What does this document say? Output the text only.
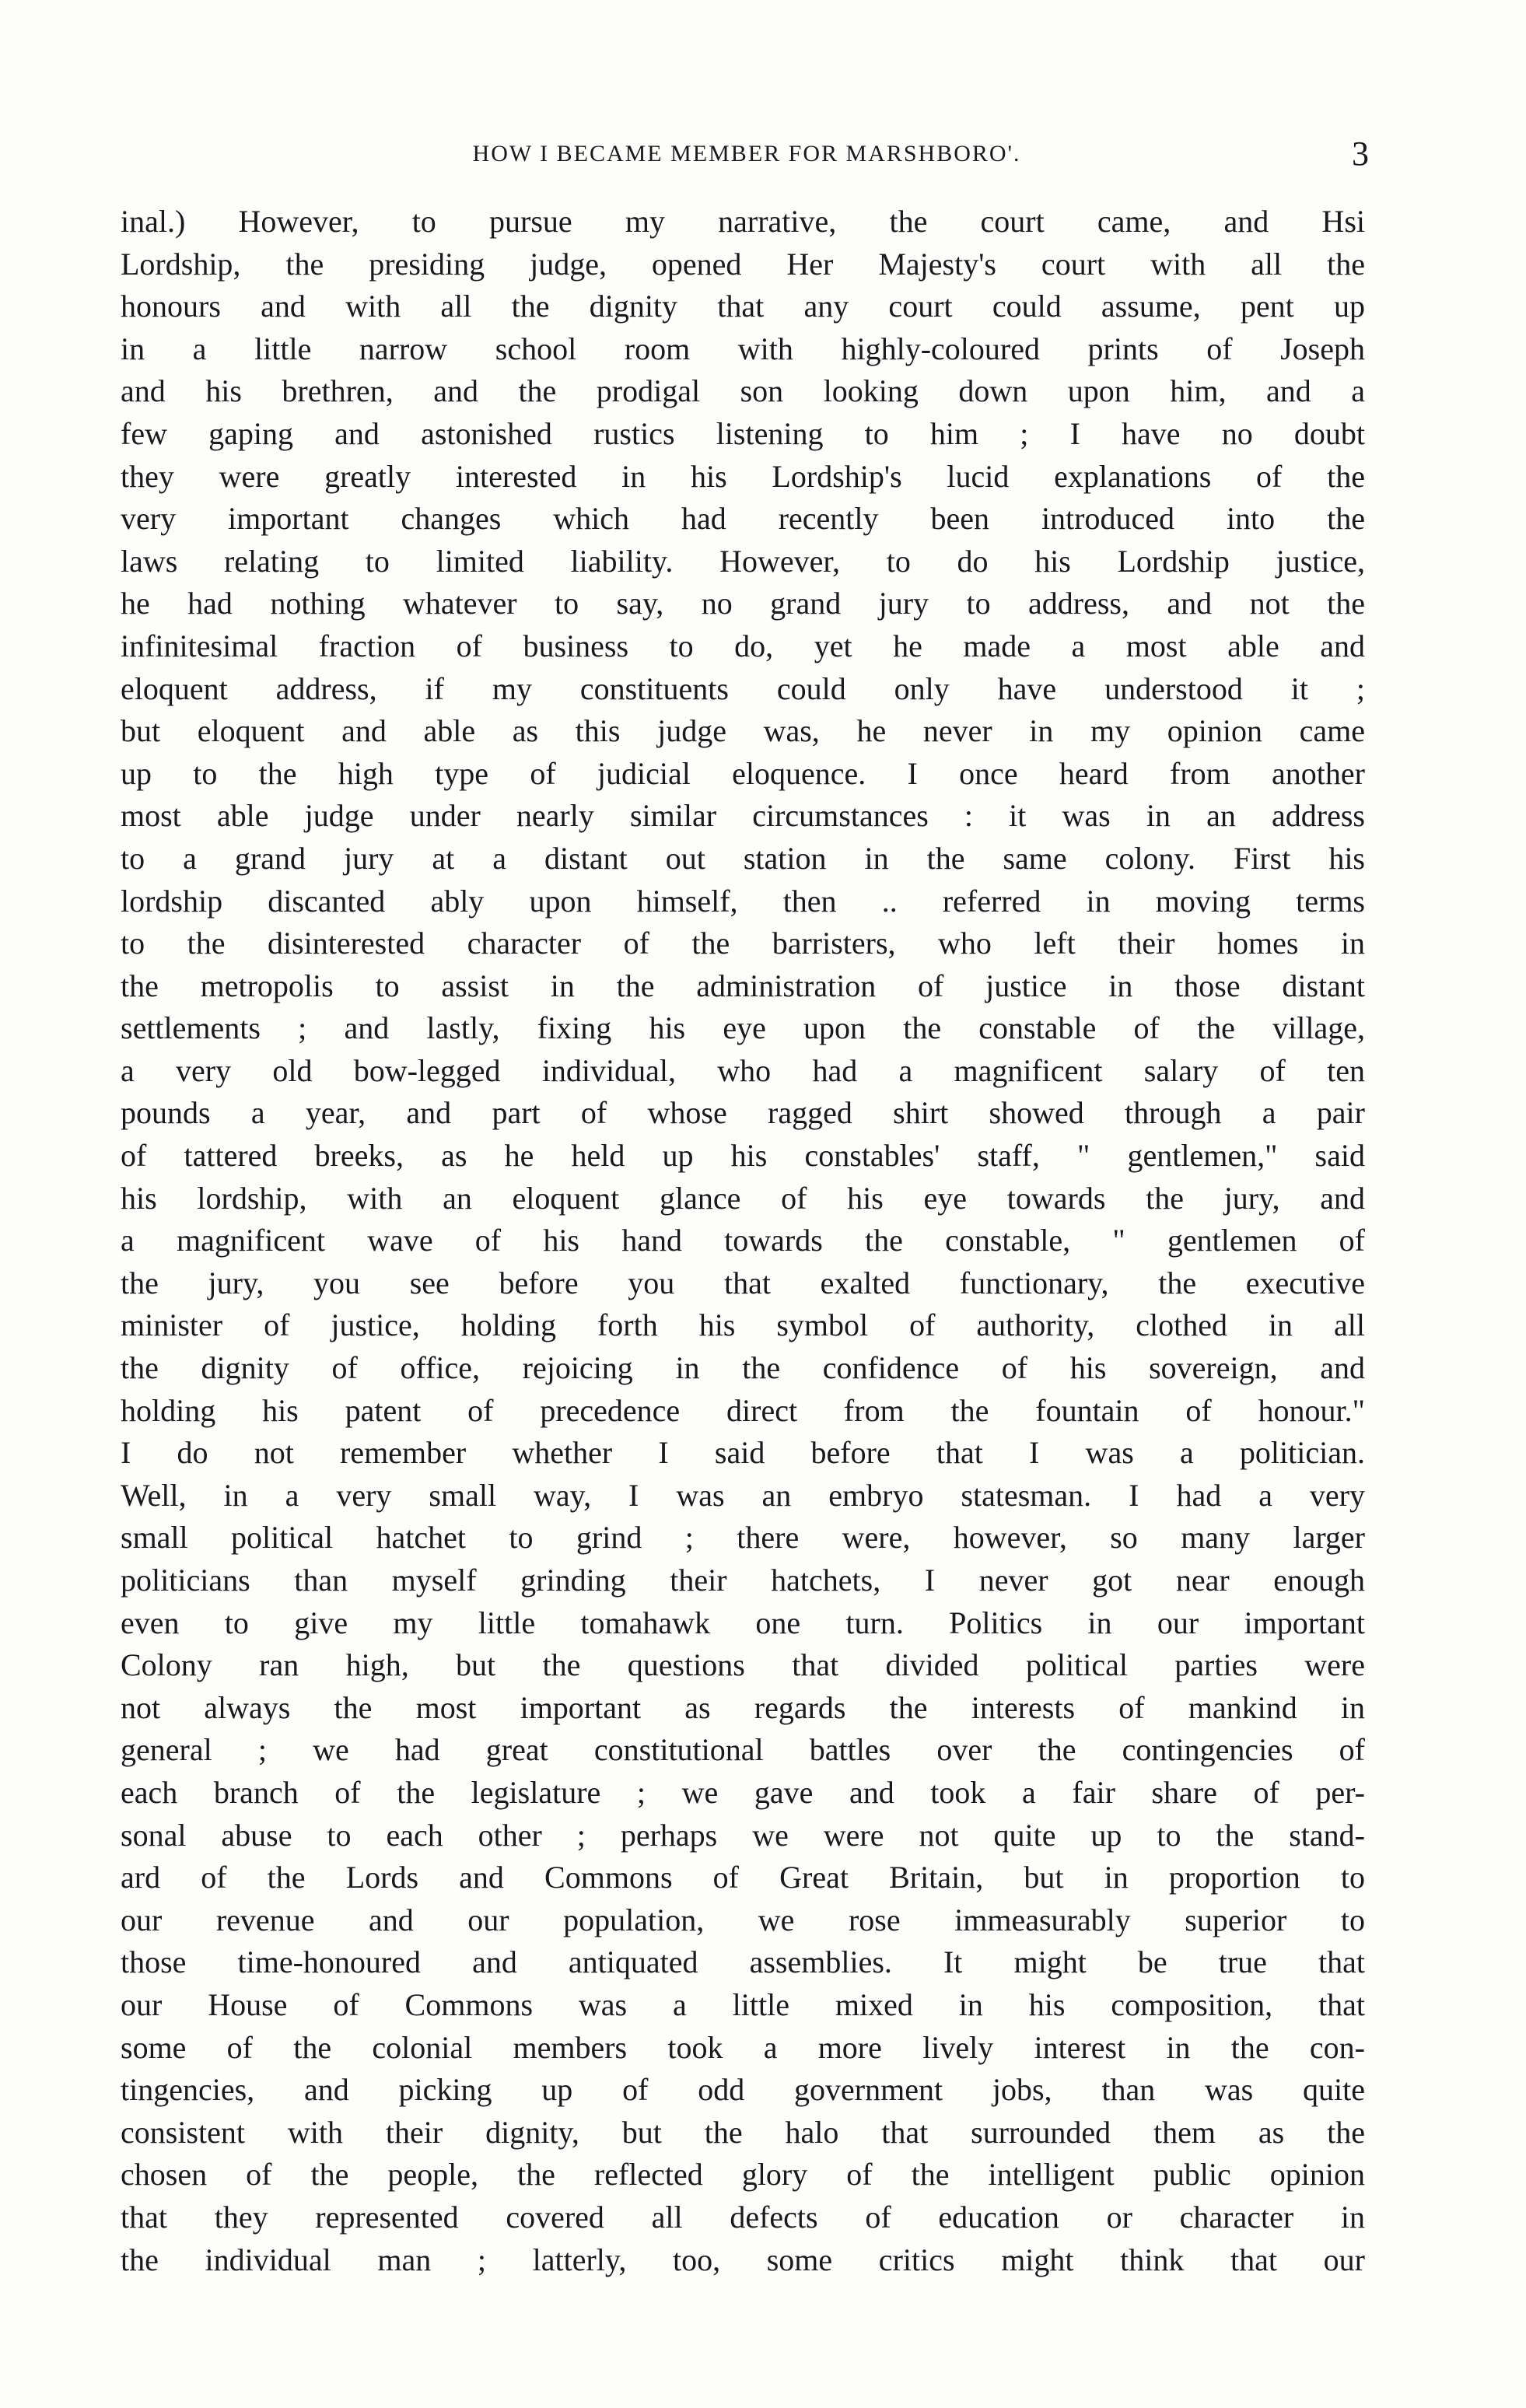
HOW I BECAME MEMBER FOR MARSHBORO'.	3
inal.) However, to pursue my narrative, the court came, and Hsi
Lordship, the presiding judge, opened Her Majesty's court with all the
honours and with all the dignity that any court could assume, pent up
in a little narrow school room with highly-coloured prints of Joseph
and his brethren, and the prodigal son looking down upon him, and a
few gaping and astonished rustics listening to him ; I have no doubt
they were greatly interested in his Lordship's lucid explanations of the
very important changes which had recently been introduced into the
laws relating to limited liability. However, to do his Lordship justice,
he had nothing whatever to say, no grand jury to address, and not the
infinitesimal fraction of business to do, yet he made a most able and
eloquent address, if my constituents could only have understood it ;
but eloquent and able as this judge was, he never in my opinion came
up to the high type of judicial eloquence. I once heard from another
most able judge under nearly similar circumstances : it was in an address
to a grand jury at a distant out station in the same colony. First his
lordship discanted ably upon himself, then .. referred in moving terms
to the disinterested character of the barristers, who left their homes in
the metropolis to assist in the administration of justice in those distant
settlements ; and lastly, fixing his eye upon the constable of the village,
a very old bow-legged individual, who had a magnificent salary of ten
pounds a year, and part of whose ragged shirt showed through a pair
of tattered breeks, as he held up his constables' staff, " gentlemen," said
his lordship, with an eloquent glance of his eye towards the jury, and
a magnificent wave of his hand towards the constable, " gentlemen of
the jury, you see before you that exalted functionary, the executive
minister of justice, holding forth his symbol of authority, clothed in all
the dignity of office, rejoicing in the confidence of his sovereign, and
holding his patent of precedence direct from the fountain of honour."
I do not remember whether I said before that I was a politician.
Well, in a very small way, I was an embryo statesman. I had a very
small political hatchet to grind ; there were, however, so many larger
politicians than myself grinding their hatchets, I never got near enough
even to give my little tomahawk one turn. Politics in our important
Colony ran high, but the questions that divided political parties were
not always the most important as regards the interests of mankind in
general ; we had great constitutional battles over the contingencies of
each branch of the legislature ; we gave and took a fair share of per-
sonal abuse to each other ; perhaps we were not quite up to the stand-
ard of the Lords and Commons of Great Britain, but in proportion to
our revenue and our population, we rose immeasurably superior to
those time-honoured and antiquated assemblies. It might be true that
our House of Commons was a little mixed in his composition, that
some of the colonial members took a more lively interest in the con-
tingencies, and picking up of odd government jobs, than was quite
consistent with their dignity, but the halo that surrounded them as the
chosen of the people, the reflected glory of the intelligent public opinion
that they represented covered all defects of education or character in
the individual man ; latterly, too, some critics might think that our
